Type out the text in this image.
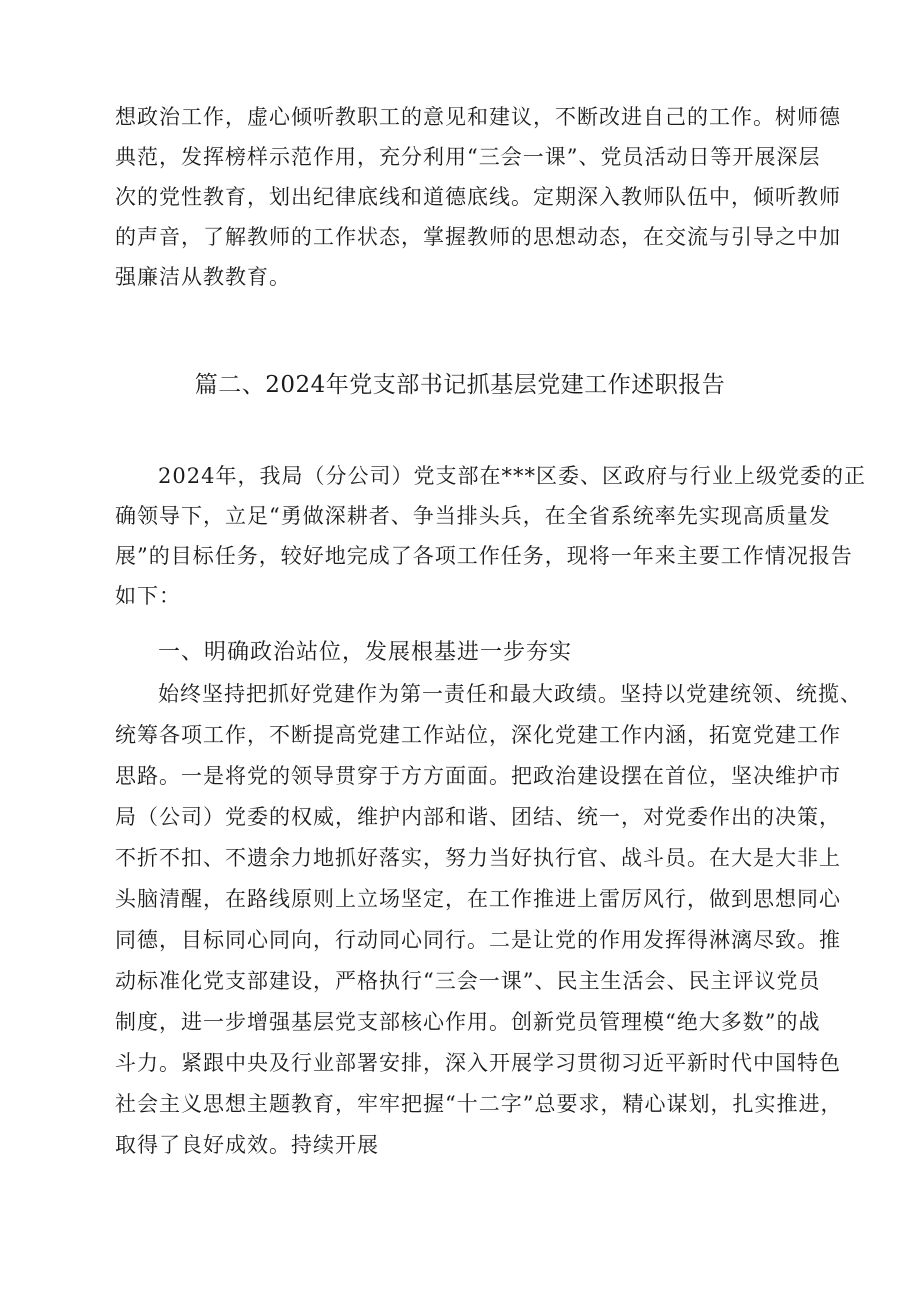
想政治工作，虚心倾听教职工的意见和建议，不断改进自己的工作。树师德
典范，发挥榜样示范作用，充分利用“三会一课”、党员活动日等开展深层
次的党性教育，划出纪律底线和道德底线。定期深入教师队伍中，倾听教师
的声音，了解教师的工作状态，掌握教师的思想动态，在交流与引导之中加
强廉洁从教教育。
篇二、2024年党支部书记抓基层党建工作述职报告
2024年，我局（分公司）党支部在***区委、区政府与行业上级党委的正
确领导下，立足“勇做深耕者、争当排头兵，在全省系统率先实现高质量发
展”的目标任务，较好地完成了各项工作任务，现将一年来主要工作情况报告
如下：
一、明确政治站位，发展根基进一步夯实
始终坚持把抓好党建作为第一责任和最大政绩。坚持以党建统领、统揽、
统筹各项工作，不断提高党建工作站位，深化党建工作内涵，拓宽党建工作
思路。一是将党的领导贯穿于方方面面。把政治建设摆在首位，坚决维护市
局（公司）党委的权威，维护内部和谐、团结、统一，对党委作出的决策，
不折不扣、不遗余力地抓好落实，努力当好执行官、战斗员。在大是大非上
头脑清醒，在路线原则上立场坚定，在工作推进上雷厉风行，做到思想同心
同德，目标同心同向，行动同心同行。二是让党的作用发挥得淋漓尽致。推
动标准化党支部建设，严格执行“三会一课”、民主生活会、民主评议党员
制度，进一步增强基层党支部核心作用。创新党员管理模“绝大多数”的战
斗力。紧跟中央及行业部署安排，深入开展学习贯彻习近平新时代中国特色
社会主义思想主题教育，牢牢把握“十二字”总要求，精心谋划，扎实推进，
取得了良好成效。持续开展
